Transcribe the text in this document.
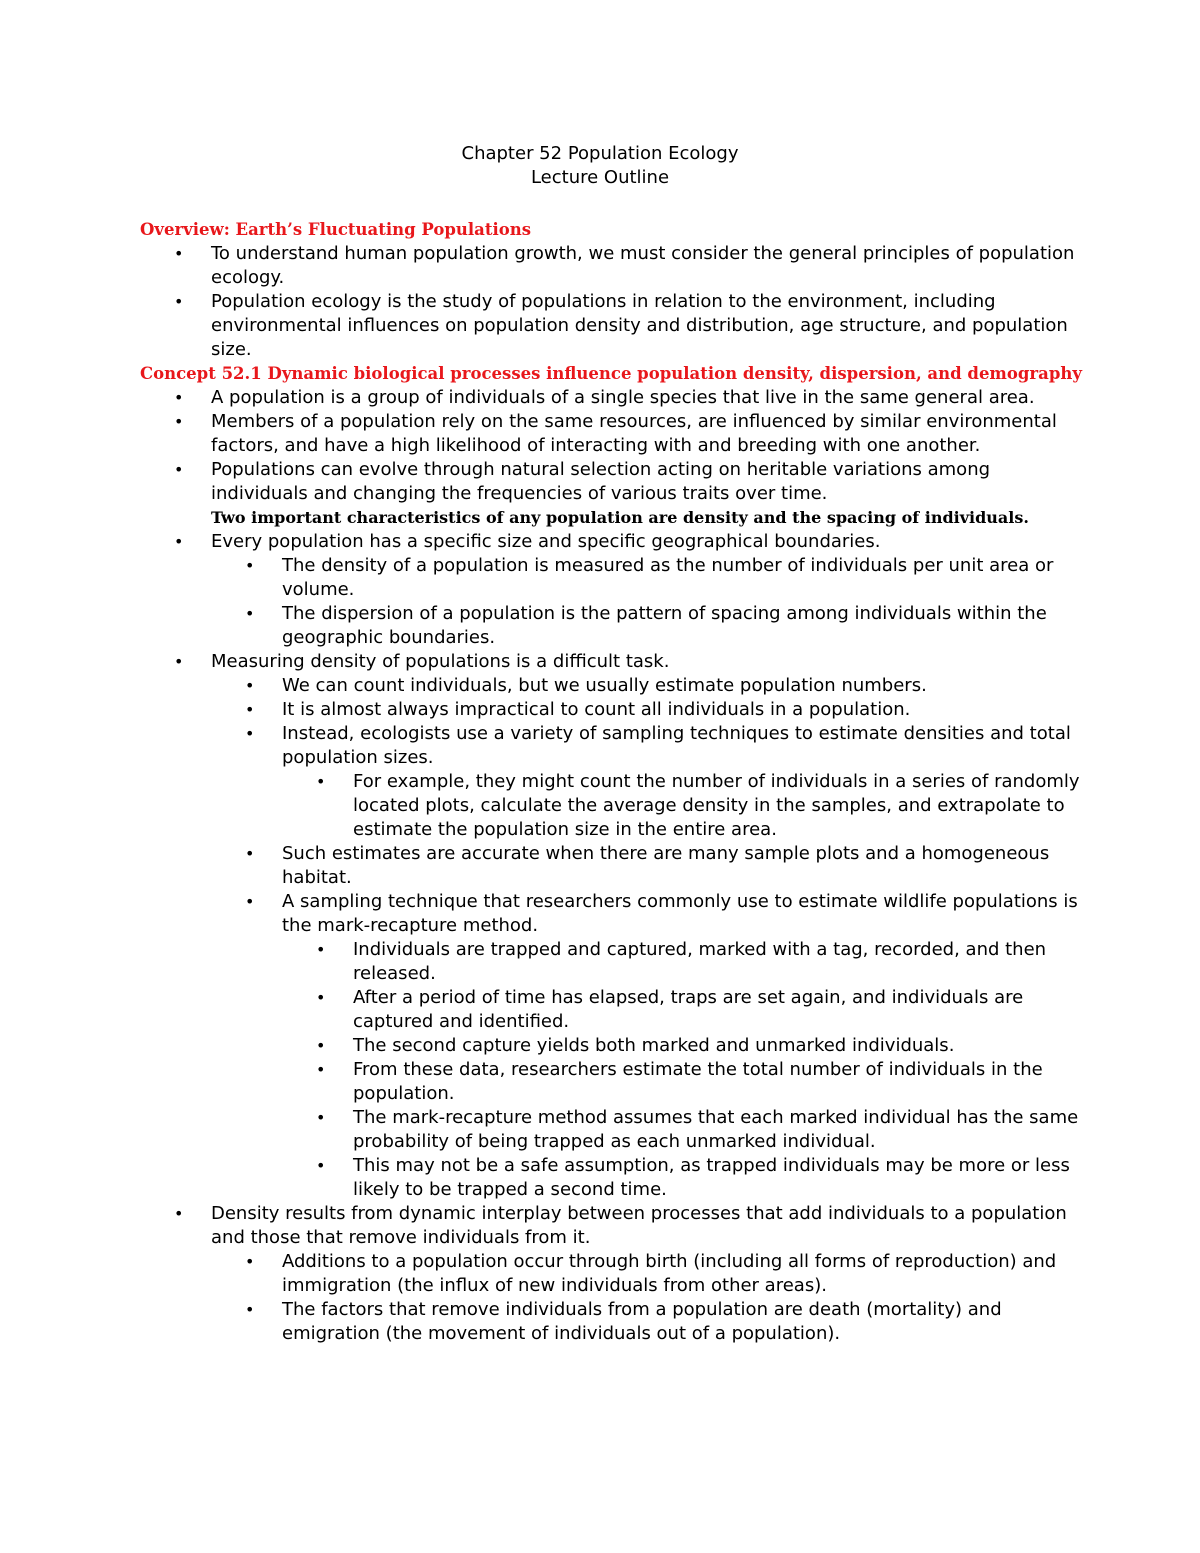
Chapter 52 Population Ecology
Lecture Outline
Overview: Earth’s Fluctuating Populations
• To understand human population growth, we must consider the general principles of population ecology.
• Population ecology is the study of populations in relation to the environment, including environmental influences on population density and distribution, age structure, and population size.
Concept 52.1 Dynamic biological processes influence population density, dispersion, and demography
• A population is a group of individuals of a single species that live in the same general area.
• Members of a population rely on the same resources, are influenced by similar environmental factors, and have a high likelihood of interacting with and breeding with one another.
• Populations can evolve through natural selection acting on heritable variations among individuals and changing the frequencies of various traits over time.
Two important characteristics of any population are density and the spacing of individuals.
• Every population has a specific size and specific geographical boundaries.
• The density of a population is measured as the number of individuals per unit area or volume.
• The dispersion of a population is the pattern of spacing among individuals within the geographic boundaries.
• Measuring density of populations is a difficult task.
• We can count individuals, but we usually estimate population numbers.
• It is almost always impractical to count all individuals in a population.
• Instead, ecologists use a variety of sampling techniques to estimate densities and total population sizes.
• For example, they might count the number of individuals in a series of randomly located plots, calculate the average density in the samples, and extrapolate to estimate the population size in the entire area.
• Such estimates are accurate when there are many sample plots and a homogeneous habitat.
• A sampling technique that researchers commonly use to estimate wildlife populations is the mark-recapture method.
• Individuals are trapped and captured, marked with a tag, recorded, and then released.
• After a period of time has elapsed, traps are set again, and individuals are captured and identified.
• The second capture yields both marked and unmarked individuals.
• From these data, researchers estimate the total number of individuals in the population.
• The mark-recapture method assumes that each marked individual has the same probability of being trapped as each unmarked individual.
• This may not be a safe assumption, as trapped individuals may be more or less likely to be trapped a second time.
• Density results from dynamic interplay between processes that add individuals to a population and those that remove individuals from it.
• Additions to a population occur through birth (including all forms of reproduction) and immigration (the influx of new individuals from other areas).
• The factors that remove individuals from a population are death (mortality) and emigration (the movement of individuals out of a population).
